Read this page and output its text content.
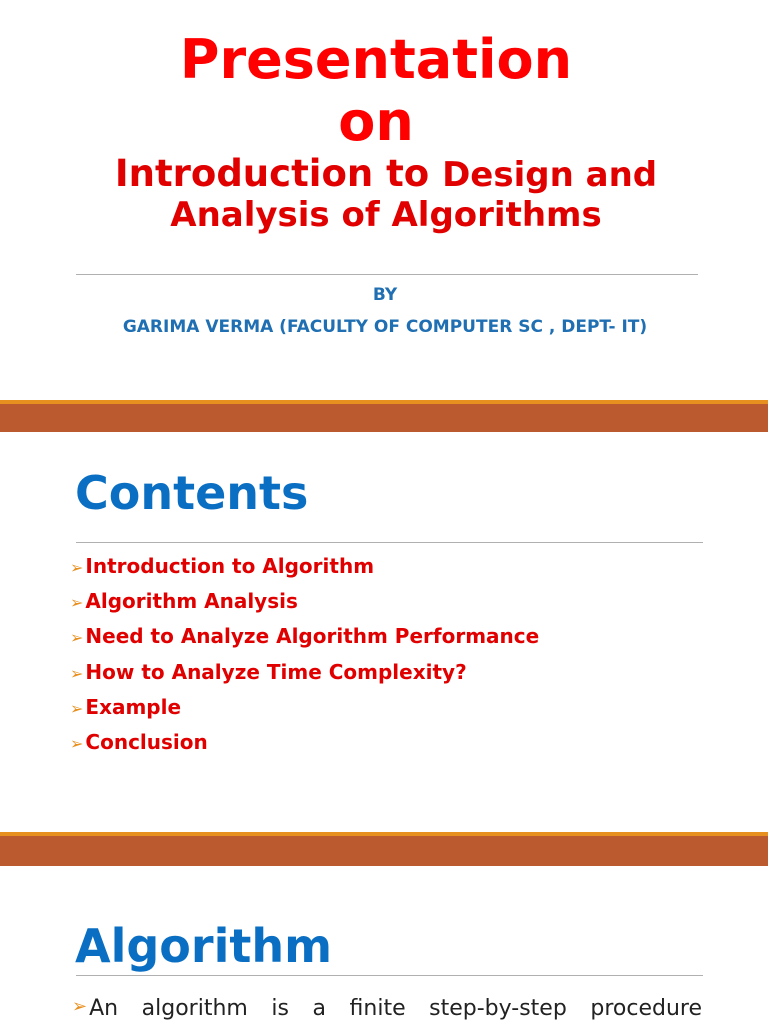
Presentation
on
Introduction to Design and
Analysis of Algorithms
BY
GARIMA VERMA (FACULTY OF COMPUTER SC , DEPT- IT)
Contents
➢ Introduction to Algorithm
➢ Algorithm Analysis
➢ Need to Analyze Algorithm Performance
➢ How to Analyze Time Complexity?
➢ Example
➢ Conclusion
Algorithm
➢ An algorithm is a finite step-by-step procedure
